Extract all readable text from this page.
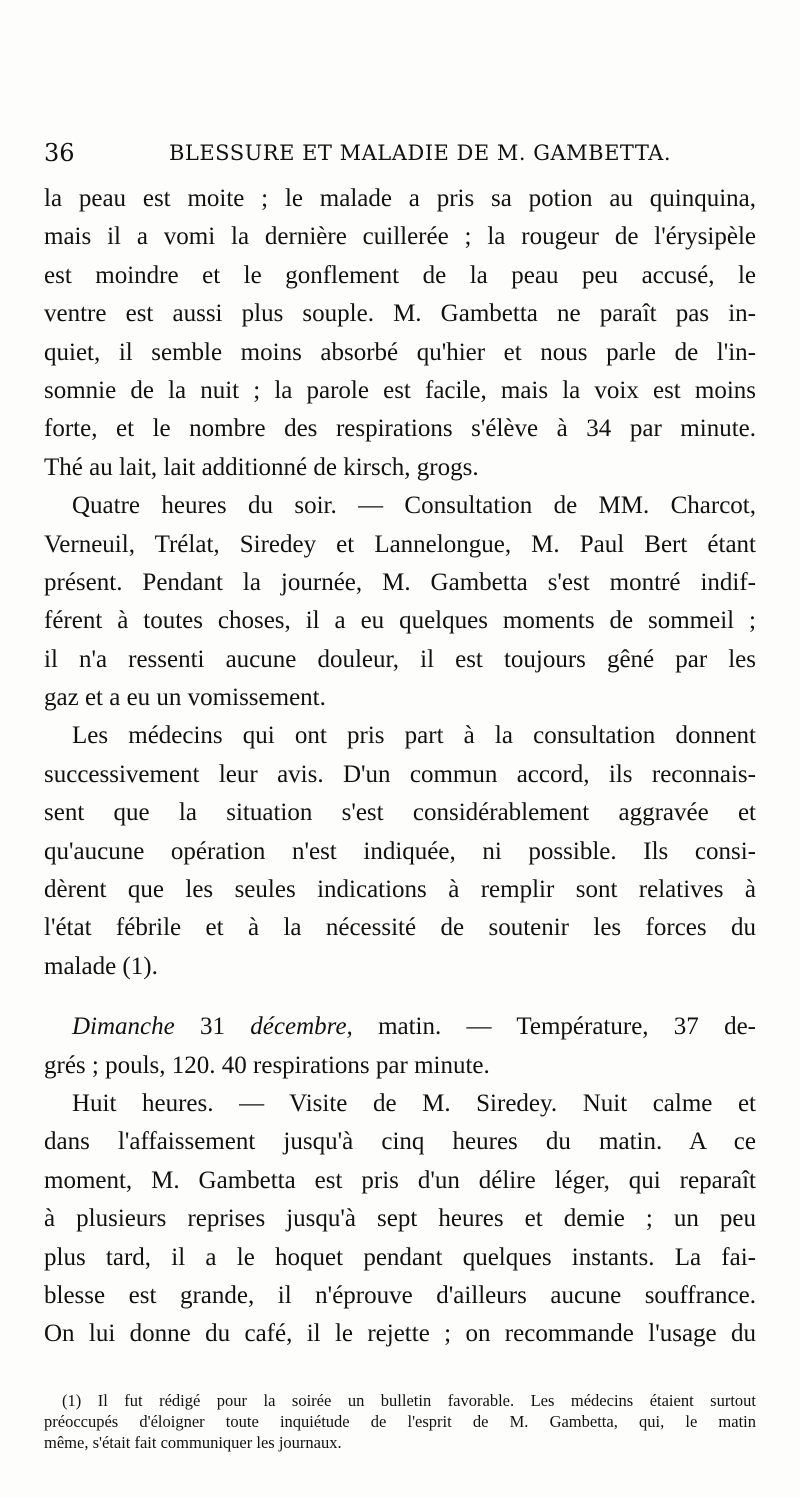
36	BLESSURE ET MALADIE DE M. GAMBETTA.
la peau est moite ; le malade a pris sa potion au quinquina,
mais il a vomi la dernière cuillerée ; la rougeur de l'érysipèle
est moindre et le gonflement de la peau peu accusé, le
ventre est aussi plus souple. M. Gambetta ne paraît pas in-
quiet, il semble moins absorbé qu'hier et nous parle de l'in-
somnie de la nuit ; la parole est facile, mais la voix est moins
forte, et le nombre des respirations s'élève à 34 par minute.
Thé au lait, lait additionné de kirsch, grogs.
Quatre heures du soir. — Consultation de MM. Charcot,
Verneuil, Trélat, Siredey et Lannelongue, M. Paul Bert étant
présent. Pendant la journée, M. Gambetta s'est montré indif-
férent à toutes choses, il a eu quelques moments de sommeil ;
il n'a ressenti aucune douleur, il est toujours gêné par les
gaz et a eu un vomissement.
Les médecins qui ont pris part à la consultation donnent
successivement leur avis. D'un commun accord, ils reconnais-
sent que la situation s'est considérablement aggravée et
qu'aucune opération n'est indiquée, ni possible. Ils consi-
dèrent que les seules indications à remplir sont relatives à
l'état fébrile et à la nécessité de soutenir les forces du
malade (1).
Dimanche 31 décembre, matin. — Température, 37 de-
grés ; pouls, 120. 40 respirations par minute.
Huit heures. — Visite de M. Siredey. Nuit calme et
dans l'affaissement jusqu'à cinq heures du matin. A ce
moment, M. Gambetta est pris d'un délire léger, qui reparaît
à plusieurs reprises jusqu'à sept heures et demie ; un peu
plus tard, il a le hoquet pendant quelques instants. La fai-
blesse est grande, il n'éprouve d'ailleurs aucune souffrance.
On lui donne du café, il le rejette ; on recommande l'usage du
(1) Il fut rédigé pour la soirée un bulletin favorable. Les médecins étaient surtout
préoccupés d'éloigner toute inquiétude de l'esprit de M. Gambetta, qui, le matin
même, s'était fait communiquer les journaux.
